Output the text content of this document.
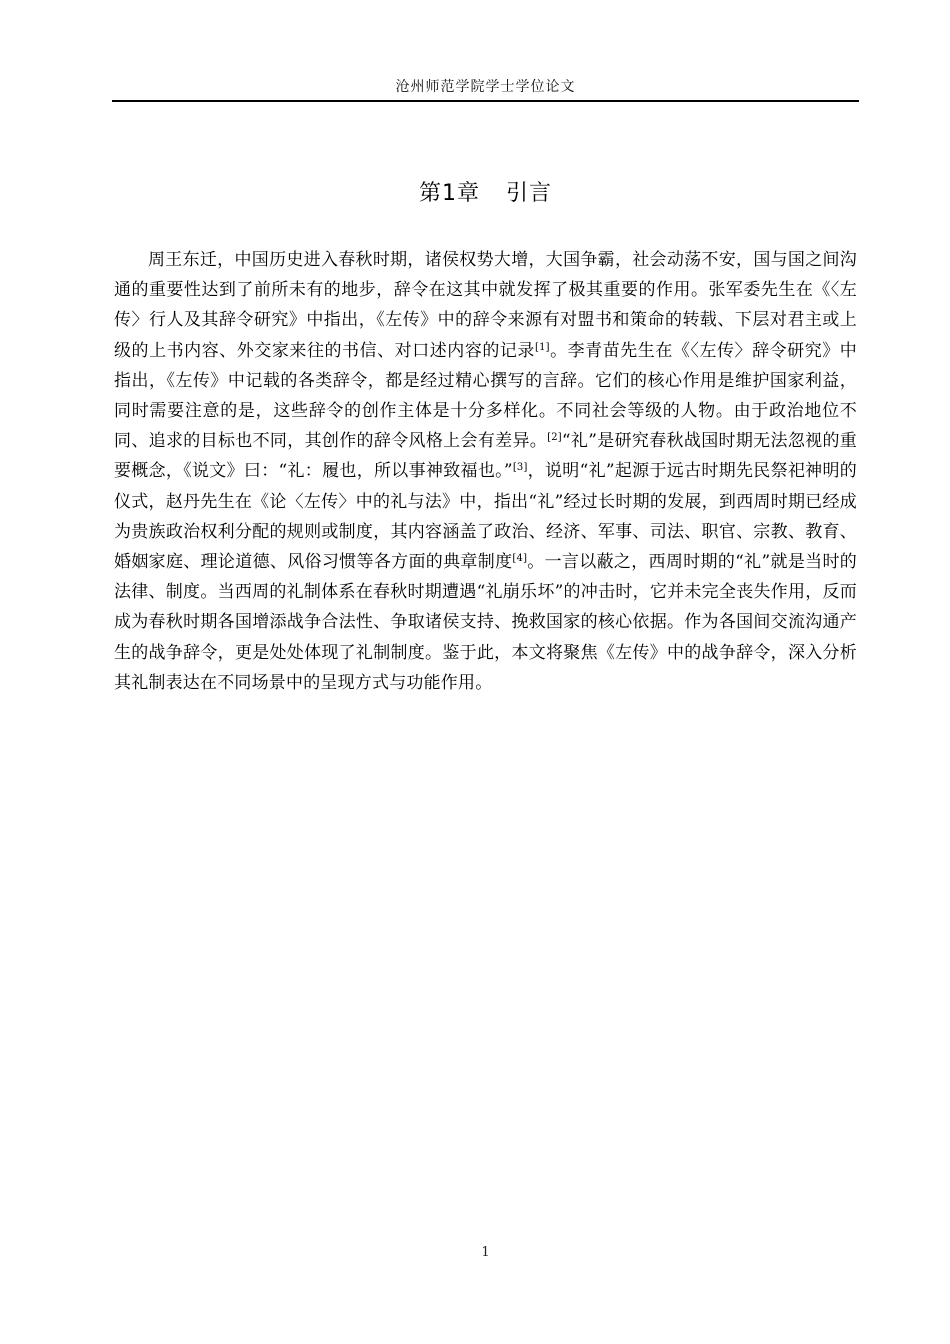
沧州师范学院学士学位论文
第1章 引言

周王东迁，中国历史进入春秋时期，诸侯权势大增，大国争霸，社会动荡不安，国与国之间沟通的重要性达到了前所未有的地步，辞令在这其中就发挥了极其重要的作用。张军委先生在《〈左传〉行人及其辞令研究》中指出，《左传》中的辞令来源有对盟书和策命的转载、下层对君主或上级的上书内容、外交家来往的书信、对口述内容的记录[1]。李青苗先生在《〈左传〉辞令研究》中指出，《左传》中记载的各类辞令，都是经过精心撰写的言辞。它们的核心作用是维护国家利益，同时需要注意的是，这些辞令的创作主体是十分多样化。不同社会等级的人物。由于政治地位不同、追求的目标也不同，其创作的辞令风格上会有差异。[2]“礼”是研究春秋战国时期无法忽视的重要概念，《说文》曰：“礼：履也，所以事神致福也。”[3]，说明“礼”起源于远古时期先民祭祀神明的仪式，赵丹先生在《论〈左传〉中的礼与法》中，指出“礼”经过长时期的发展，到西周时期已经成为贵族政治权利分配的规则或制度，其内容涵盖了政治、经济、军事、司法、职官、宗教、教育、婚姻家庭、理论道德、风俗习惯等各方面的典章制度[4]。一言以蔽之，西周时期的“礼”就是当时的法律、制度。当西周的礼制体系在春秋时期遭遇“礼崩乐坏”的冲击时，它并未完全丧失作用，反而成为春秋时期各国增添战争合法性、争取诸侯支持、挽救国家的核心依据。作为各国间交流沟通产生的战争辞令，更是处处体现了礼制制度。鉴于此，本文将聚焦《左传》中的战争辞令，深入分析其礼制表达在不同场景中的呈现方式与功能作用。

1
